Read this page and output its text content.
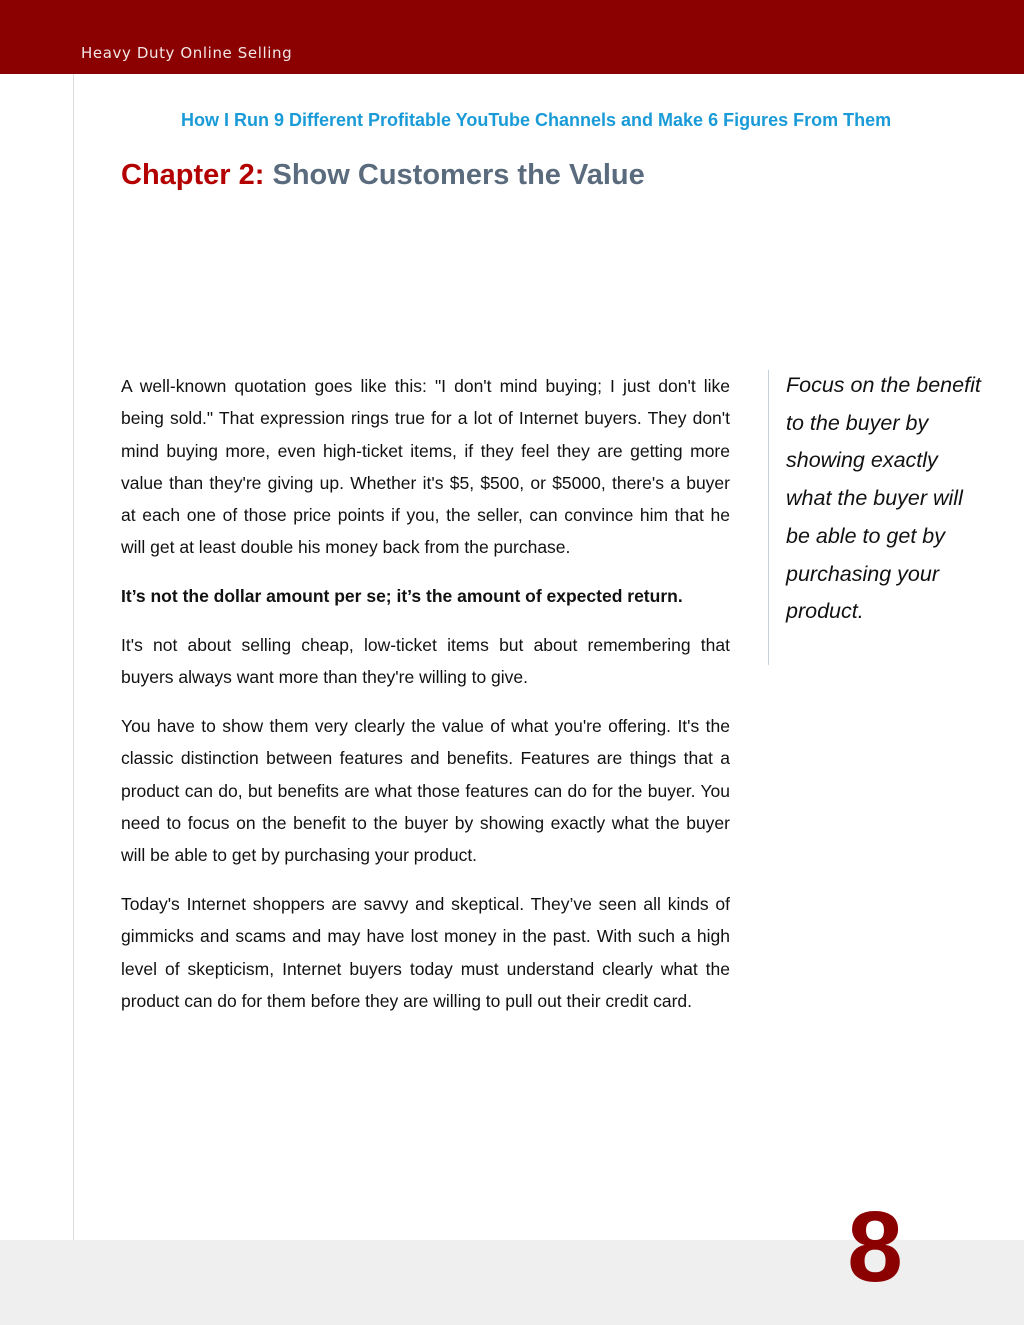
Heavy Duty Online Selling
How I Run 9 Different Profitable YouTube Channels and Make 6 Figures From Them
Chapter 2: Show Customers the Value

A well-known quotation goes like this: "I don't mind buying; I just don't like being sold." That expression rings true for a lot of Internet buyers. They don't mind buying more, even high-ticket items, if they feel they are getting more value than they're giving up. Whether it's $5, $500, or $5000, there's a buyer at each one of those price points if you, the seller, can convince him that he will get at least double his money back from the purchase.

It’s not the dollar amount per se; it’s the amount of expected return.

It's not about selling cheap, low-ticket items but about remembering that buyers always want more than they're willing to give.

You have to show them very clearly the value of what you're offering. It's the classic distinction between features and benefits. Features are things that a product can do, but benefits are what those features can do for the buyer. You need to focus on the benefit to the buyer by showing exactly what the buyer will be able to get by purchasing your product.

Today's Internet shoppers are savvy and skeptical. They’ve seen all kinds of gimmicks and scams and may have lost money in the past. With such a high level of skepticism, Internet buyers today must understand clearly what the product can do for them before they are willing to pull out their credit card.

Focus on the benefit to the buyer by showing exactly what the buyer will be able to get by purchasing your product.
8
